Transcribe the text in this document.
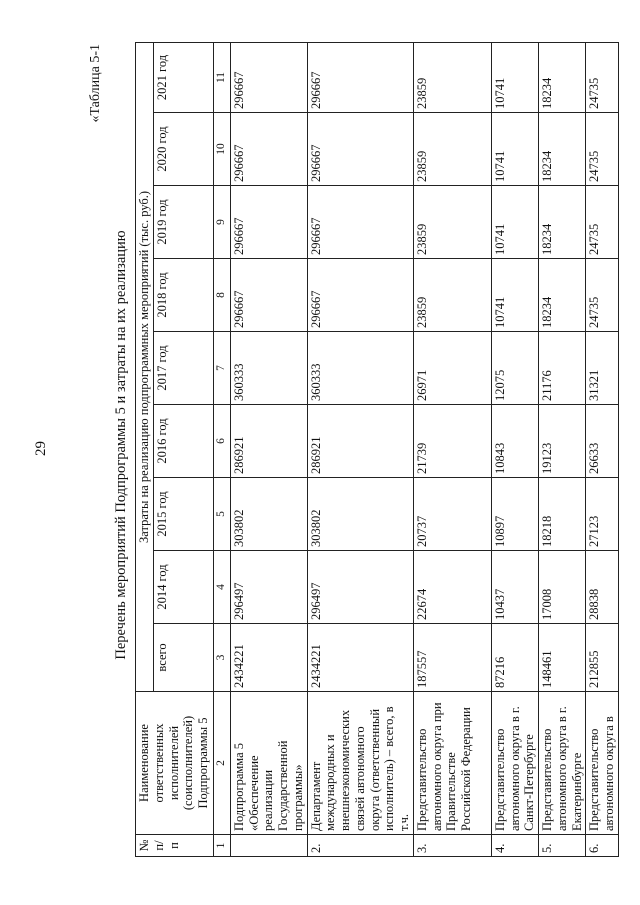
29
«Таблица 5-1
Перечень мероприятий Подпрограммы 5 и затраты на их реализацию
№ п/п	Наименование ответственных исполнителей (соисполнителей) Подпрограммы 5	Затраты на реализацию подпрограммных мероприятий (тыс. руб.)								
		всего	2014 год	2015 год	2016 год	2017 год	2018 год	2019 год	2020 год	2021 год
1	2	3	4	5	6	7	8	9	10	11
	Подпрограмма 5 «Обеспечение реализации Государственной программы»	2434221	296497	303802	286921	360333	296667	296667	296667	296667
2.	Департамент международных и внешнеэкономических связей автономного округа (ответственный исполнитель) – всего, в т.ч.	2434221	296497	303802	286921	360333	296667	296667	296667	296667
3.	Представительство автономного округа при Правительстве Российской Федерации	187557	22674	20737	21739	26971	23859	23859	23859	23859
4.	Представительство автономного округа в г. Санкт-Петербурге	87216	10437	10897	10843	12075	10741	10741	10741	10741
5.	Представительство автономного округа в г. Екатеринбурге	148461	17008	18218	19123	21176	18234	18234	18234	18234
6.	Представительство автономного округа в	212855	28838	27123	26633	31321	24735	24735	24735	24735
